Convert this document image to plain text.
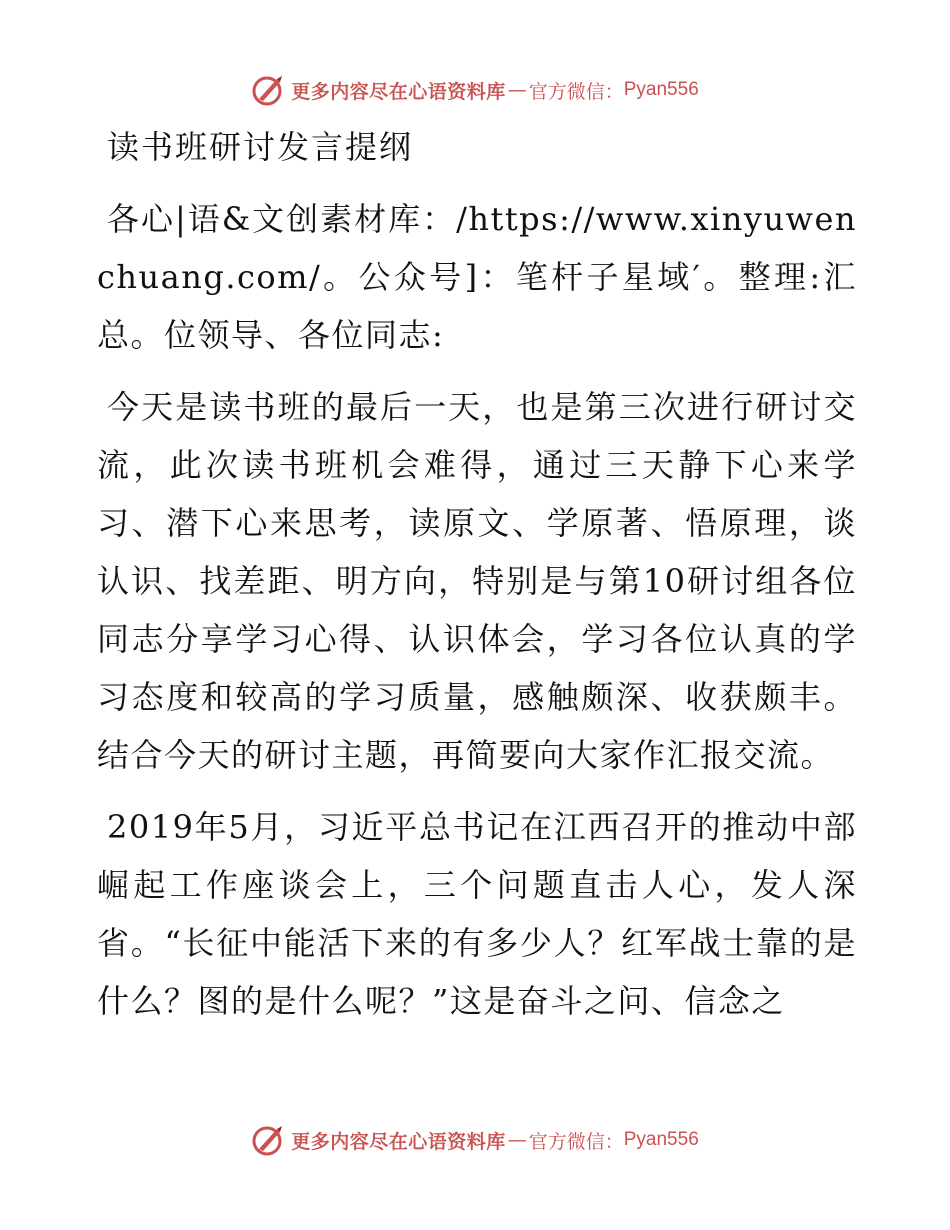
更多内容尽在心语资料库 — 官方微信： Pyan556
读书班研讨发言提纲

各心|语&文创素材库：/https://www.xinyuwenchuang.com/。公众号]：笔杆子星域′。整理:汇总。位领导、各位同志:

今天是读书班的最后一天，也是第三次进行研讨交流，此次读书班机会难得，通过三天静下心来学习、潜下心来思考，读原文、学原著、悟原理，谈认识、找差距、明方向，特别是与第10研讨组各位同志分享学习心得、认识体会，学习各位认真的学习态度和较高的学习质量，感触颇深、收获颇丰。结合今天的研讨主题，再简要向大家作汇报交流。

2019年5月，习近平总书记在江西召开的推动中部崛起工作座谈会上，三个问题直击人心，发人深省。“长征中能活下来的有多少人？红军战士靠的是什么？图的是什么呢？”这是奋斗之问、信念之

更多内容尽在心语资料库 — 官方微信： Pyan556
